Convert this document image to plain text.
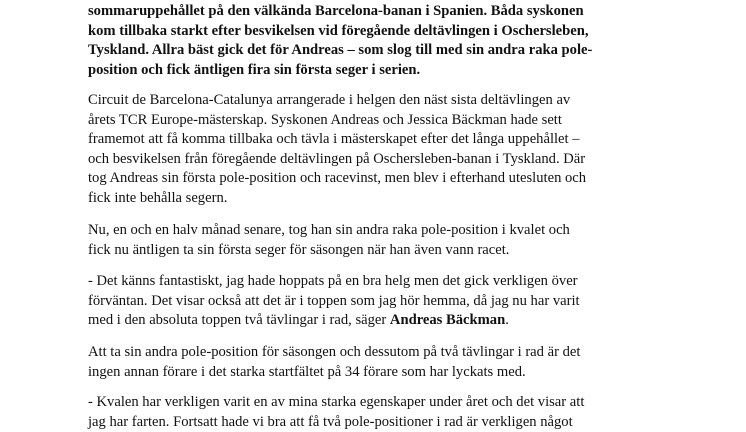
sommaruppehållet på den välkända Barcelona-banan i Spanien. Båda syskonen
kom tillbaka starkt efter besvikelsen vid föregående deltävlingen i Oschersleben,
Tyskland. Allra bäst gick det för Andreas – som slog till med sin andra raka pole-
position och fick äntligen fira sin första seger i serien.

Circuit de Barcelona-Catalunya arrangerade i helgen den näst sista deltävlingen av
årets TCR Europe-mästerskap. Syskonen Andreas och Jessica Bäckman hade sett
framemot att få komma tillbaka och tävla i mästerskapet efter det långa uppehållet –
och besvikelsen från föregående deltävlingen på Oschersleben-banan i Tyskland. Där
tog Andreas sin första pole-position och racevinst, men blev i efterhand utesluten och
fick inte behålla segern.

Nu, en och en halv månad senare, tog han sin andra raka pole-position i kvalet och
fick nu äntligen ta sin första seger för säsongen när han även vann racet.

- Det känns fantastiskt, jag hade hoppats på en bra helg men det gick verkligen över
förväntan. Det visar också att det är i toppen som jag hör hemma, då jag nu har varit
med i den absoluta toppen två tävlingar i rad, säger Andreas Bäckman.

Att ta sin andra pole-position för säsongen och dessutom på två tävlingar i rad är det
ingen annan förare i det starka startfältet på 34 förare som har lyckats med.

- Kvalen har verkligen varit en av mina starka egenskaper under året och det visar att
jag har farten. Fortsatt hade vi bra att få två pole-positioner i rad är verkligen något
